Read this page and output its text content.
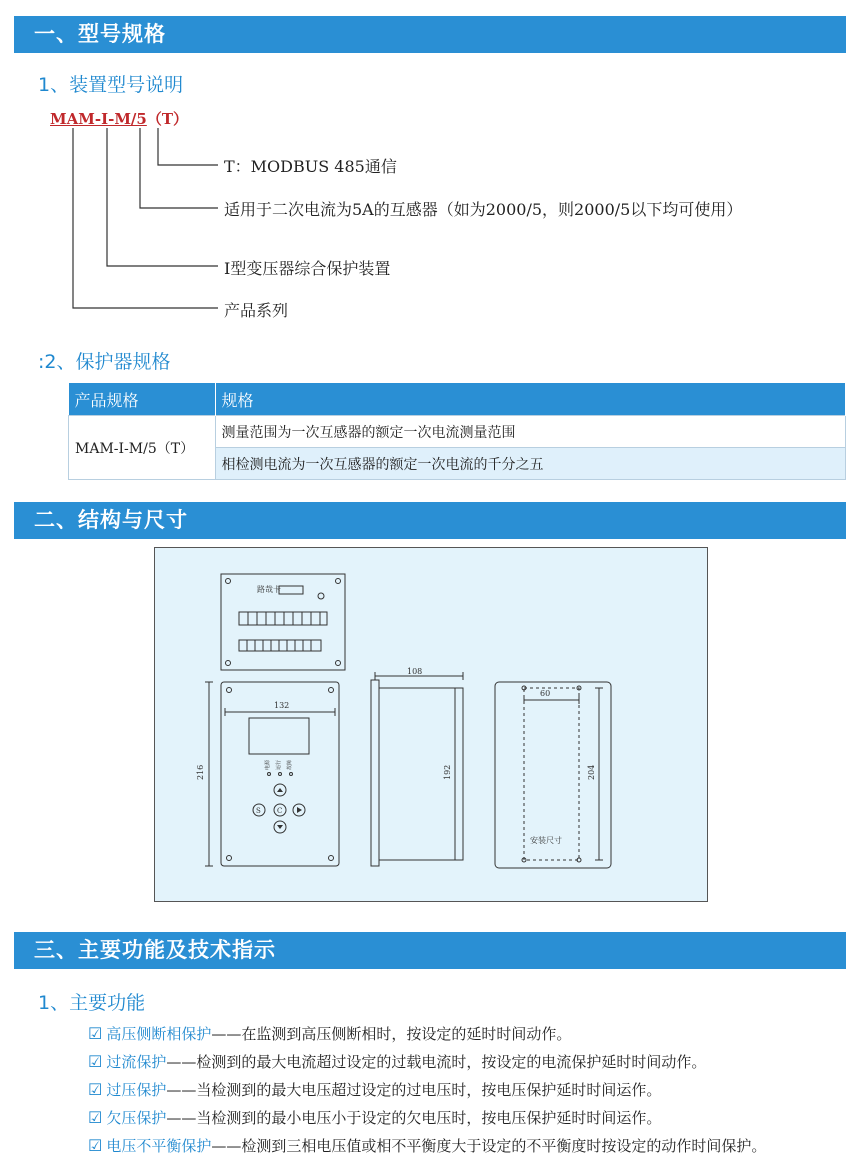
一、型号规格
1、装置型号说明
MAM-I-M/5（T）
T：MODBUS 485通信
适用于二次电流为5A的互感器（如为2000/5，则2000/5以下均可使用）
I型变压器综合保护装置
产品系列
:2、保护器规格
产品规格	规格
MAM-I-M/5（T）	测量范围为一次互感器的额定一次电流测量范围
	相检测电流为一次互感器的额定一次电流的千分之五
二、结构与尺寸
路哉卡
132
S C
108
60
安装尺寸
216	192	204
电源 运行 故障
三、主要功能及技术指示
1、主要功能
☑ 高压侧断相保护——在监测到高压侧断相时，按设定的延时时间动作。
☑ 过流保护——检测到的最大电流超过设定的过载电流时，按设定的电流保护延时时间动作。
☑ 过压保护——当检测到的最大电压超过设定的过电压时，按电压保护延时时间运作。
☑ 欠压保护——当检测到的最小电压小于设定的欠电压时，按电压保护延时时间运作。
☑ 电压不平衡保护——检测到三相电压值或相不平衡度大于设定的不平衡度时按设定的动作时间保护。
